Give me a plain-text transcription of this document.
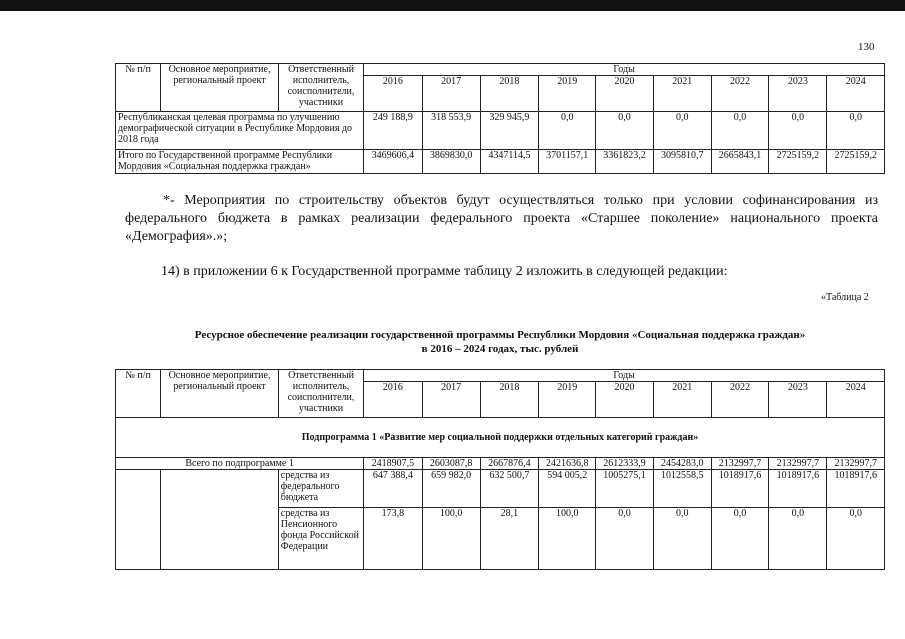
130
№ п/п	Основное мероприятие, региональный проект	Ответственный исполнитель, соисполнители, участники	Годы								
			2016	2017	2018	2019	2020	2021	2022	2023	2024
Республиканская целевая программа по улучшению демографической ситуации в Республике Мордовия до 2018 года			249 188,9	318 553,9	329 945,9	0,0	0,0	0,0	0,0	0,0	0,0
Итого по Государственной программе Республики Мордовия «Социальная поддержка граждан»			3469606,4	3869830,0	4347114,5	3701157,1	3361823,2	3095810,7	2665843,1	2725159,2	2725159,2
*- Мероприятия по строительству объектов будут осуществляться только при условии софинансирования из федерального бюджета в рамках реализации федерального проекта «Старшее поколение» национального проекта «Демография».»;
14) в приложении 6 к Государственной программе таблицу 2 изложить в следующей редакции:
«Таблица 2
Ресурсное обеспечение реализации государственной программы Республики Мордовия «Социальная поддержка граждан»
в 2016 – 2024 годах, тыс. рублей
№ п/п	Основное мероприятие, региональный проект	Ответственный исполнитель, соисполнители, участники	Годы								
			2016	2017	2018	2019	2020	2021	2022	2023	2024
Подпрограмма 1 «Развитие мер социальной поддержки отдельных категорий граждан»											
Всего по подпрограмме 1			2418907,5	2603087,8	2667876,4	2421636,8	2612333,9	2454283,0	2132997,7	2132997,7	2132997,7
		средства из федерального бюджета	647 388,4	659 982,0	632 500,7	594 005,2	1005275,1	1012558,5	1018917,6	1018917,6	1018917,6
		средства из Пенсионного фонда Российской Федерации	173,8	100,0	28,1	100,0	0,0	0,0	0,0	0,0	0,0
